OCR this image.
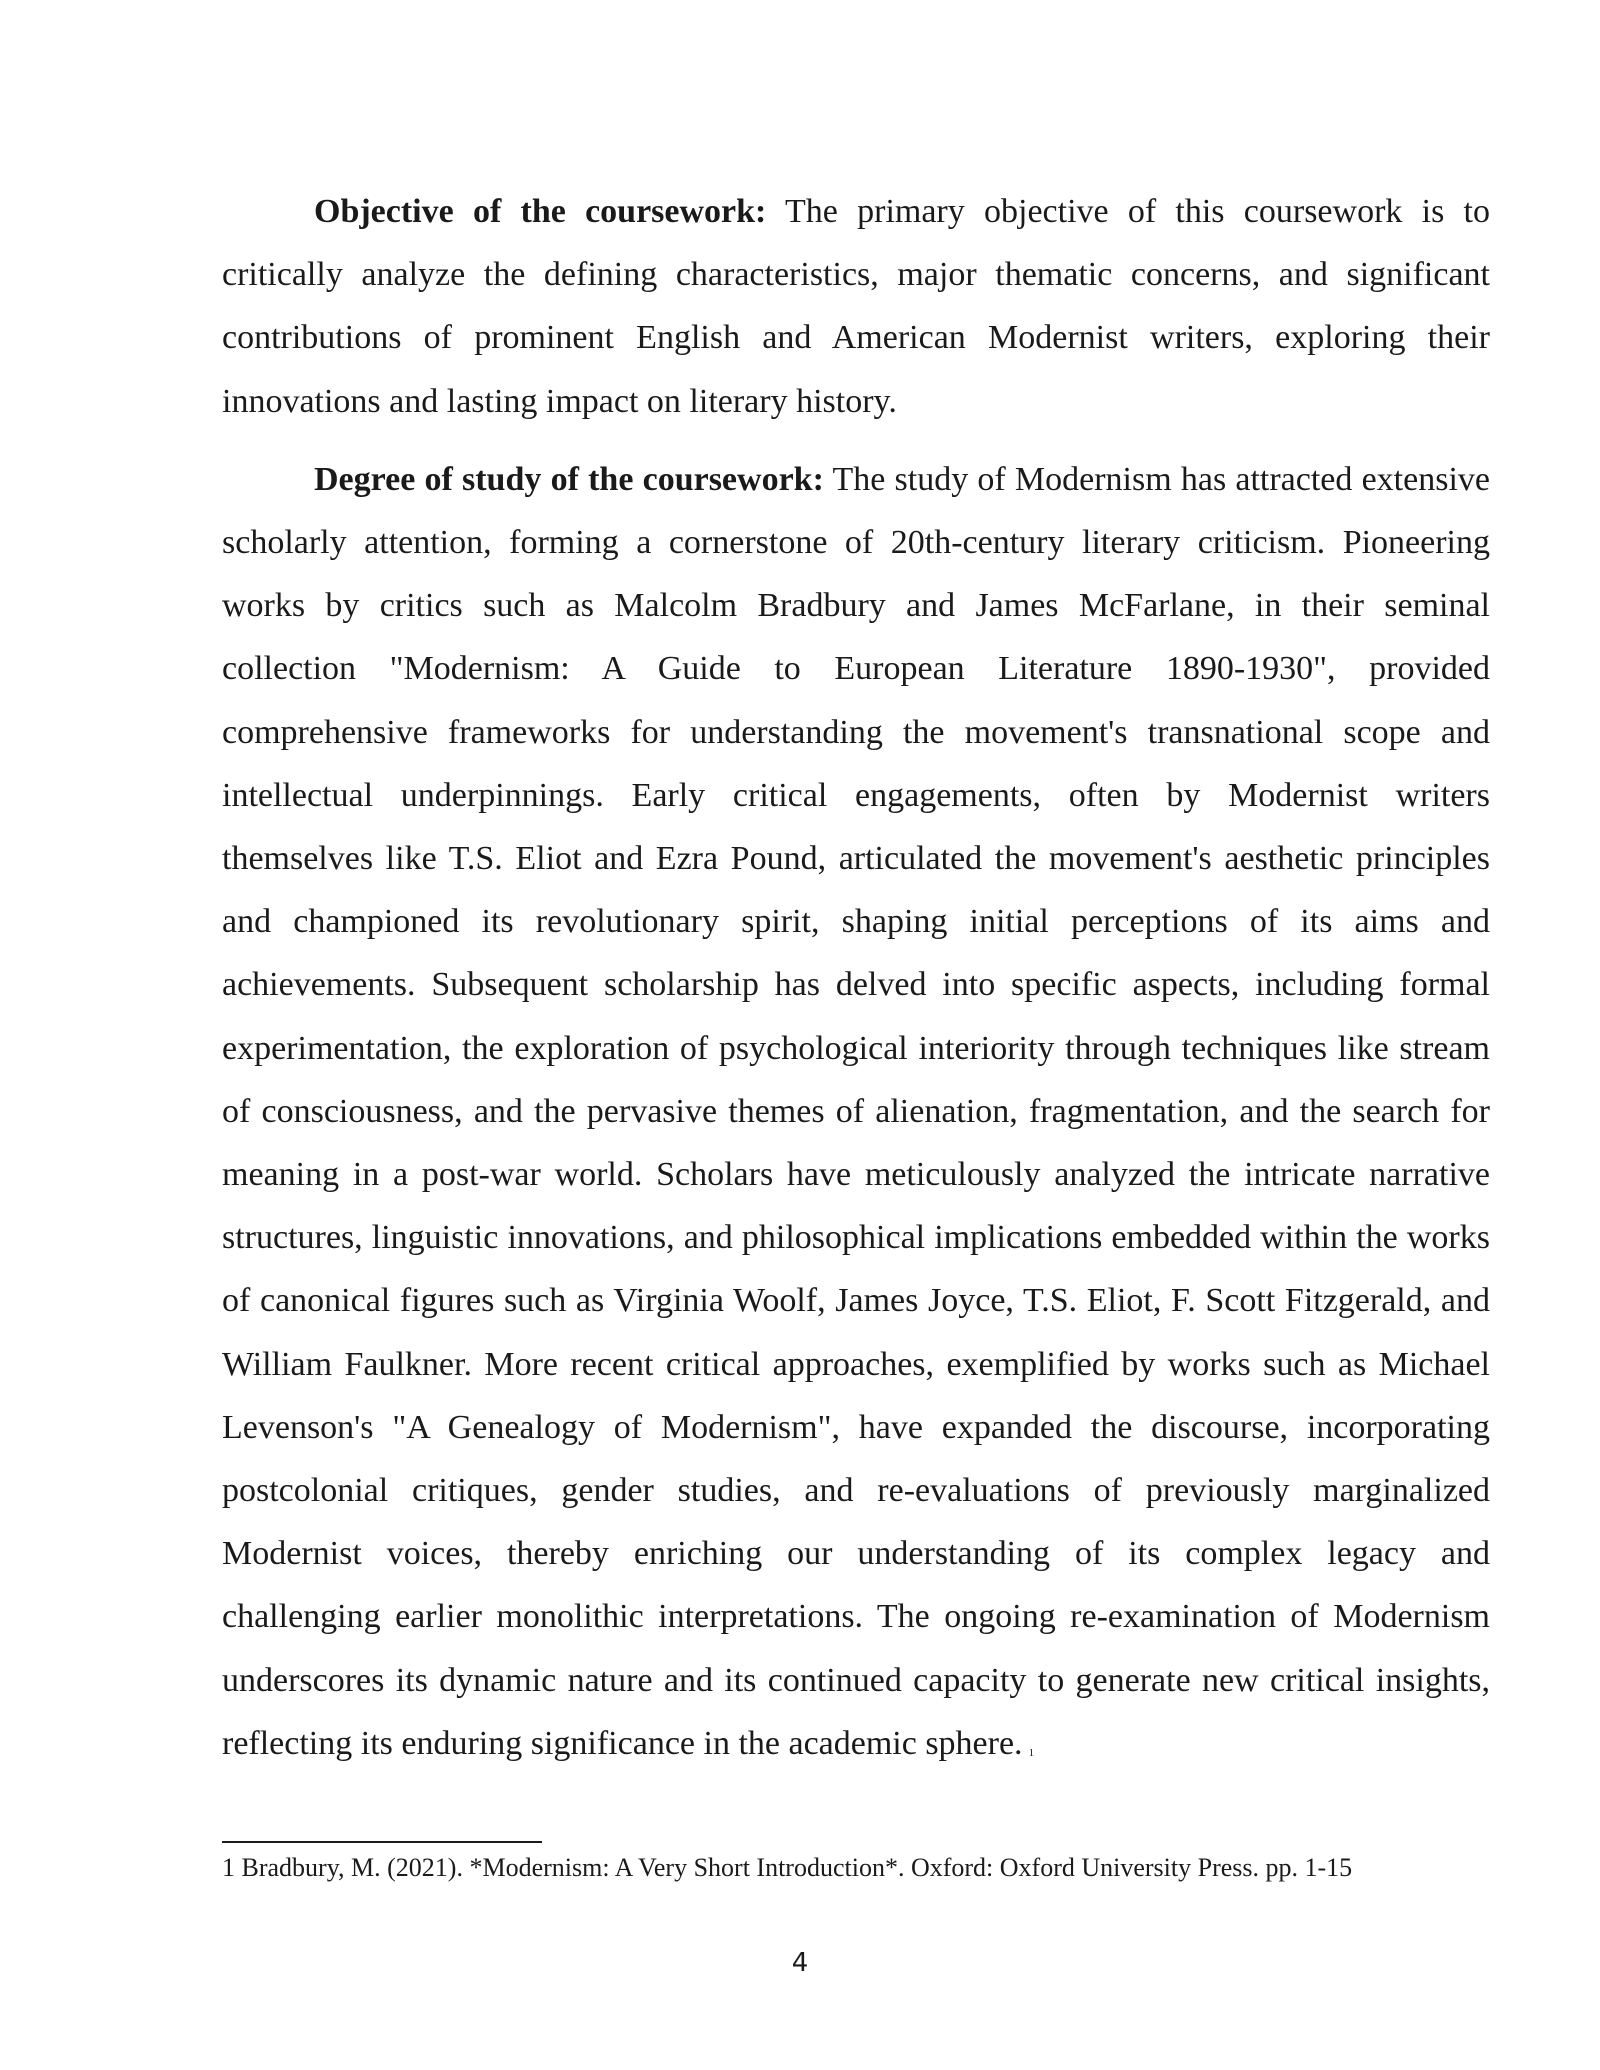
Objective of the coursework: The primary objective of this coursework is to critically analyze the defining characteristics, major thematic concerns, and significant contributions of prominent English and American Modernist writers, exploring their innovations and lasting impact on literary history.

Degree of study of the coursework: The study of Modernism has attracted extensive scholarly attention, forming a cornerstone of 20th-century literary criticism. Pioneering works by critics such as Malcolm Bradbury and James McFarlane, in their seminal collection "Modernism: A Guide to European Literature 1890-1930", provided comprehensive frameworks for understanding the movement's transnational scope and intellectual underpinnings. Early critical engagements, often by Modernist writers themselves like T.S. Eliot and Ezra Pound, articulated the movement's aesthetic principles and championed its revolutionary spirit, shaping initial perceptions of its aims and achievements. Subsequent scholarship has delved into specific aspects, including formal experimentation, the exploration of psychological interiority through techniques like stream of consciousness, and the pervasive themes of alienation, fragmentation, and the search for meaning in a post-war world. Scholars have meticulously analyzed the intricate narrative structures, linguistic innovations, and philosophical implications embedded within the works of canonical figures such as Virginia Woolf, James Joyce, T.S. Eliot, F. Scott Fitzgerald, and William Faulkner. More recent critical approaches, exemplified by works such as Michael Levenson's "A Genealogy of Modernism", have expanded the discourse, incorporating postcolonial critiques, gender studies, and re-evaluations of previously marginalized Modernist voices, thereby enriching our understanding of its complex legacy and challenging earlier monolithic interpretations. The ongoing re-examination of Modernism underscores its dynamic nature and its continued capacity to generate new critical insights, reflecting its enduring significance in the academic sphere. $^1$

1 Bradbury, M. (2021). *Modernism: A Very Short Introduction*. Oxford: Oxford University Press. pp. 1-15
4
